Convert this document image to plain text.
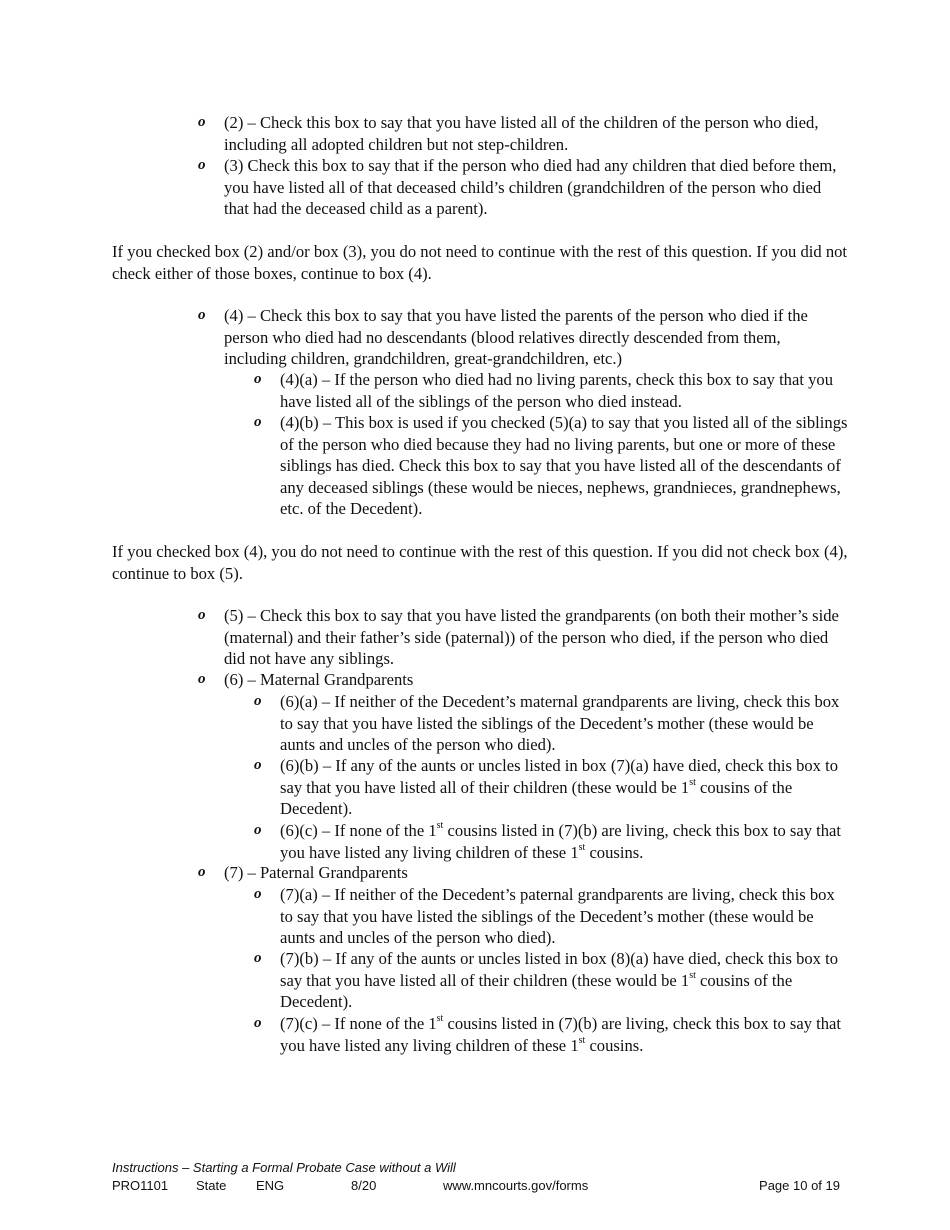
o (2) – Check this box to say that you have listed all of the children of the person who died, including all adopted children but not step-children.
o (3) Check this box to say that if the person who died had any children that died before them, you have listed all of that deceased child’s children (grandchildren of the person who died that had the deceased child as a parent).
If you checked box (2) and/or box (3), you do not need to continue with the rest of this question. If you did not check either of those boxes, continue to box (4).
o (4) – Check this box to say that you have listed the parents of the person who died if the person who died had no descendants (blood relatives directly descended from them, including children, grandchildren, great-grandchildren, etc.)
o (4)(a) – If the person who died had no living parents, check this box to say that you have listed all of the siblings of the person who died instead.
o (4)(b) – This box is used if you checked (5)(a) to say that you listed all of the siblings of the person who died because they had no living parents, but one or more of these siblings has died. Check this box to say that you have listed all of the descendants of any deceased siblings (these would be nieces, nephews, grandnieces, grandnephews, etc. of the Decedent).
If you checked box (4), you do not need to continue with the rest of this question. If you did not check box (4), continue to box (5).
o (5) – Check this box to say that you have listed the grandparents (on both their mother’s side (maternal) and their father’s side (paternal)) of the person who died, if the person who died did not have any siblings.
o (6) – Maternal Grandparents
o (6)(a) – If neither of the Decedent’s maternal grandparents are living, check this box to say that you have listed the siblings of the Decedent’s mother (these would be aunts and uncles of the person who died).
o (6)(b) – If any of the aunts or uncles listed in box (7)(a) have died, check this box to say that you have listed all of their children (these would be 1st cousins of the Decedent).
o (6)(c) – If none of the 1st cousins listed in (7)(b) are living, check this box to say that you have listed any living children of these 1st cousins.
o (7) – Paternal Grandparents
o (7)(a) – If neither of the Decedent’s paternal grandparents are living, check this box to say that you have listed the siblings of the Decedent’s mother (these would be aunts and uncles of the person who died).
o (7)(b) – If any of the aunts or uncles listed in box (8)(a) have died, check this box to say that you have listed all of their children (these would be 1st cousins of the Decedent).
o (7)(c) – If none of the 1st cousins listed in (7)(b) are living, check this box to say that you have listed any living children of these 1st cousins.
Instructions – Starting a Formal Probate Case without a Will
PRO1101 State ENG	8/20	www.mncourts.gov/forms	Page 10 of 19
